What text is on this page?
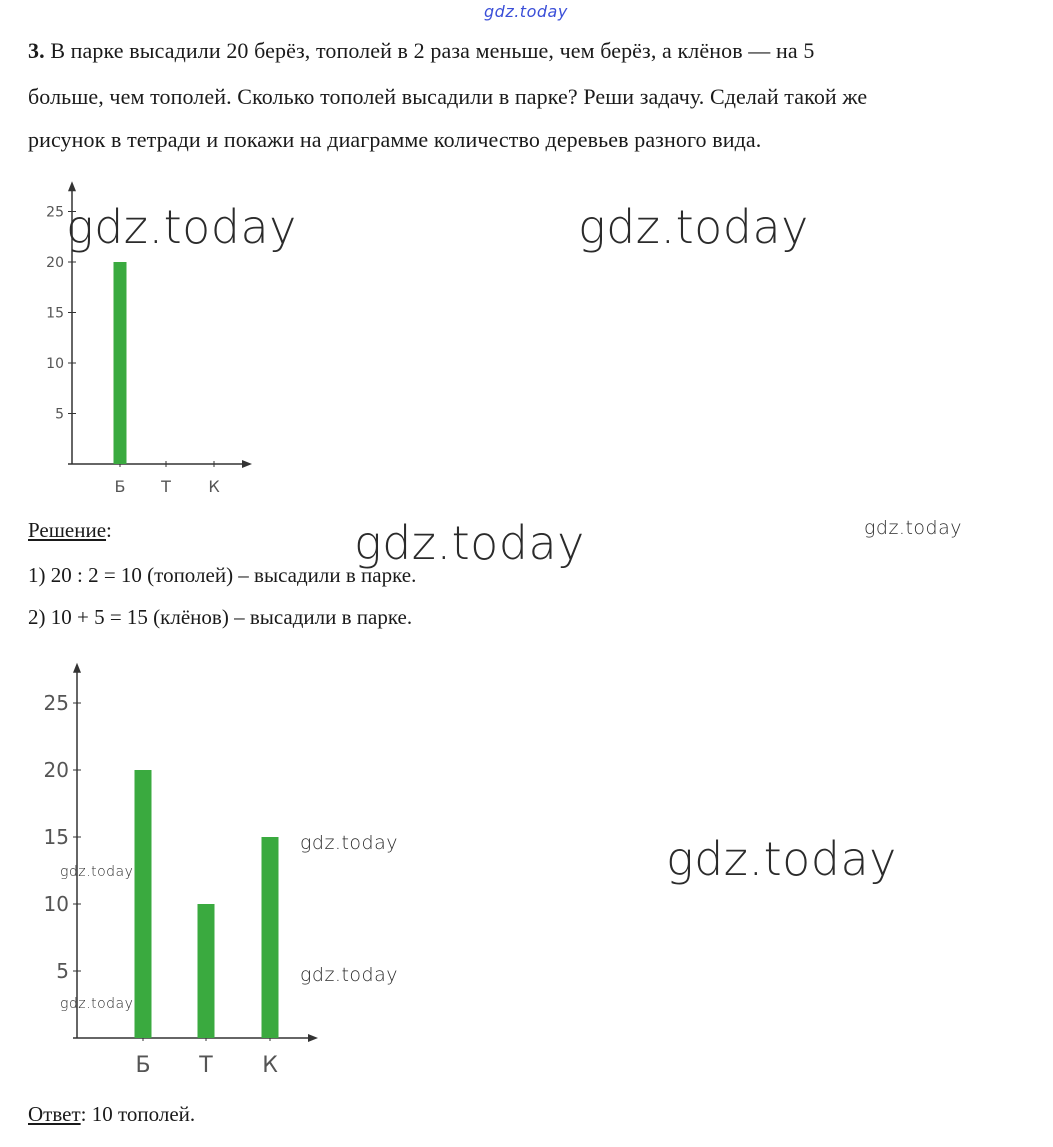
gdz.today
3. В парке высадили 20 берёз, тополей в 2 раза меньше, чем берёз, а клёнов — на 5
больше, чем тополей. Сколько тополей высадили в парке? Реши задачу. Сделай такой же
рисунок в тетради и покажи на диаграмме количество деревьев разного вида.
5
10
15
20
25
Б Т К
gdz.today	gdz.today
Решение:	gdz.today	gdz.today
1) 20 : 2 = 10 (тополей) – высадили в парке.
2) 10 + 5 = 15 (клёнов) – высадили в парке.
5
10
15
20
25
Б Т К
gdz.today
gdz.today
gdz.today
gdz.today
gdz.today
Ответ: 10 тополей.
